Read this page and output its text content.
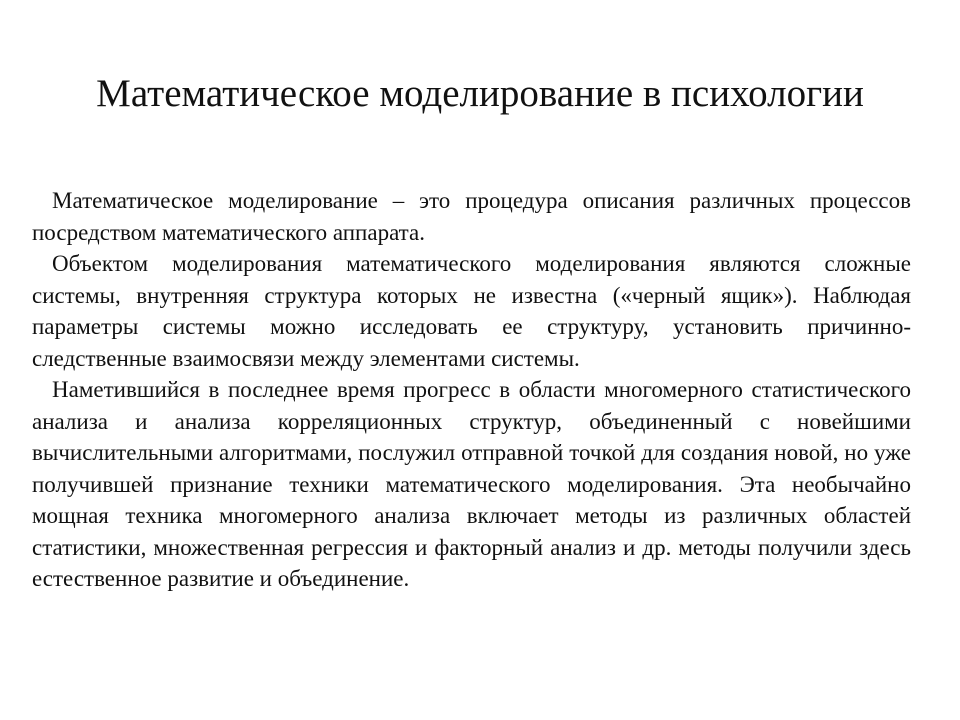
Математическое моделирование в психологии

Математическое моделирование – это процедура описания различных процессов посредством математического аппарата.

Объектом моделирования математического моделирования являются сложные системы, внутренняя структура которых не известна («черный ящик»). Наблюдая параметры системы можно исследовать ее структуру, установить причинно-следственные взаимосвязи между элементами системы.

Наметившийся в последнее время прогресс в области многомерного статистического анализа и анализа корреляционных структур, объединенный с новейшими вычислительными алгоритмами, послужил отправной точкой для создания новой, но уже получившей признание техники математического моделирования. Эта необычайно мощная техника многомерного анализа включает методы из различных областей статистики, множественная регрессия и факторный анализ и др. методы получили здесь естественное развитие и объединение.
